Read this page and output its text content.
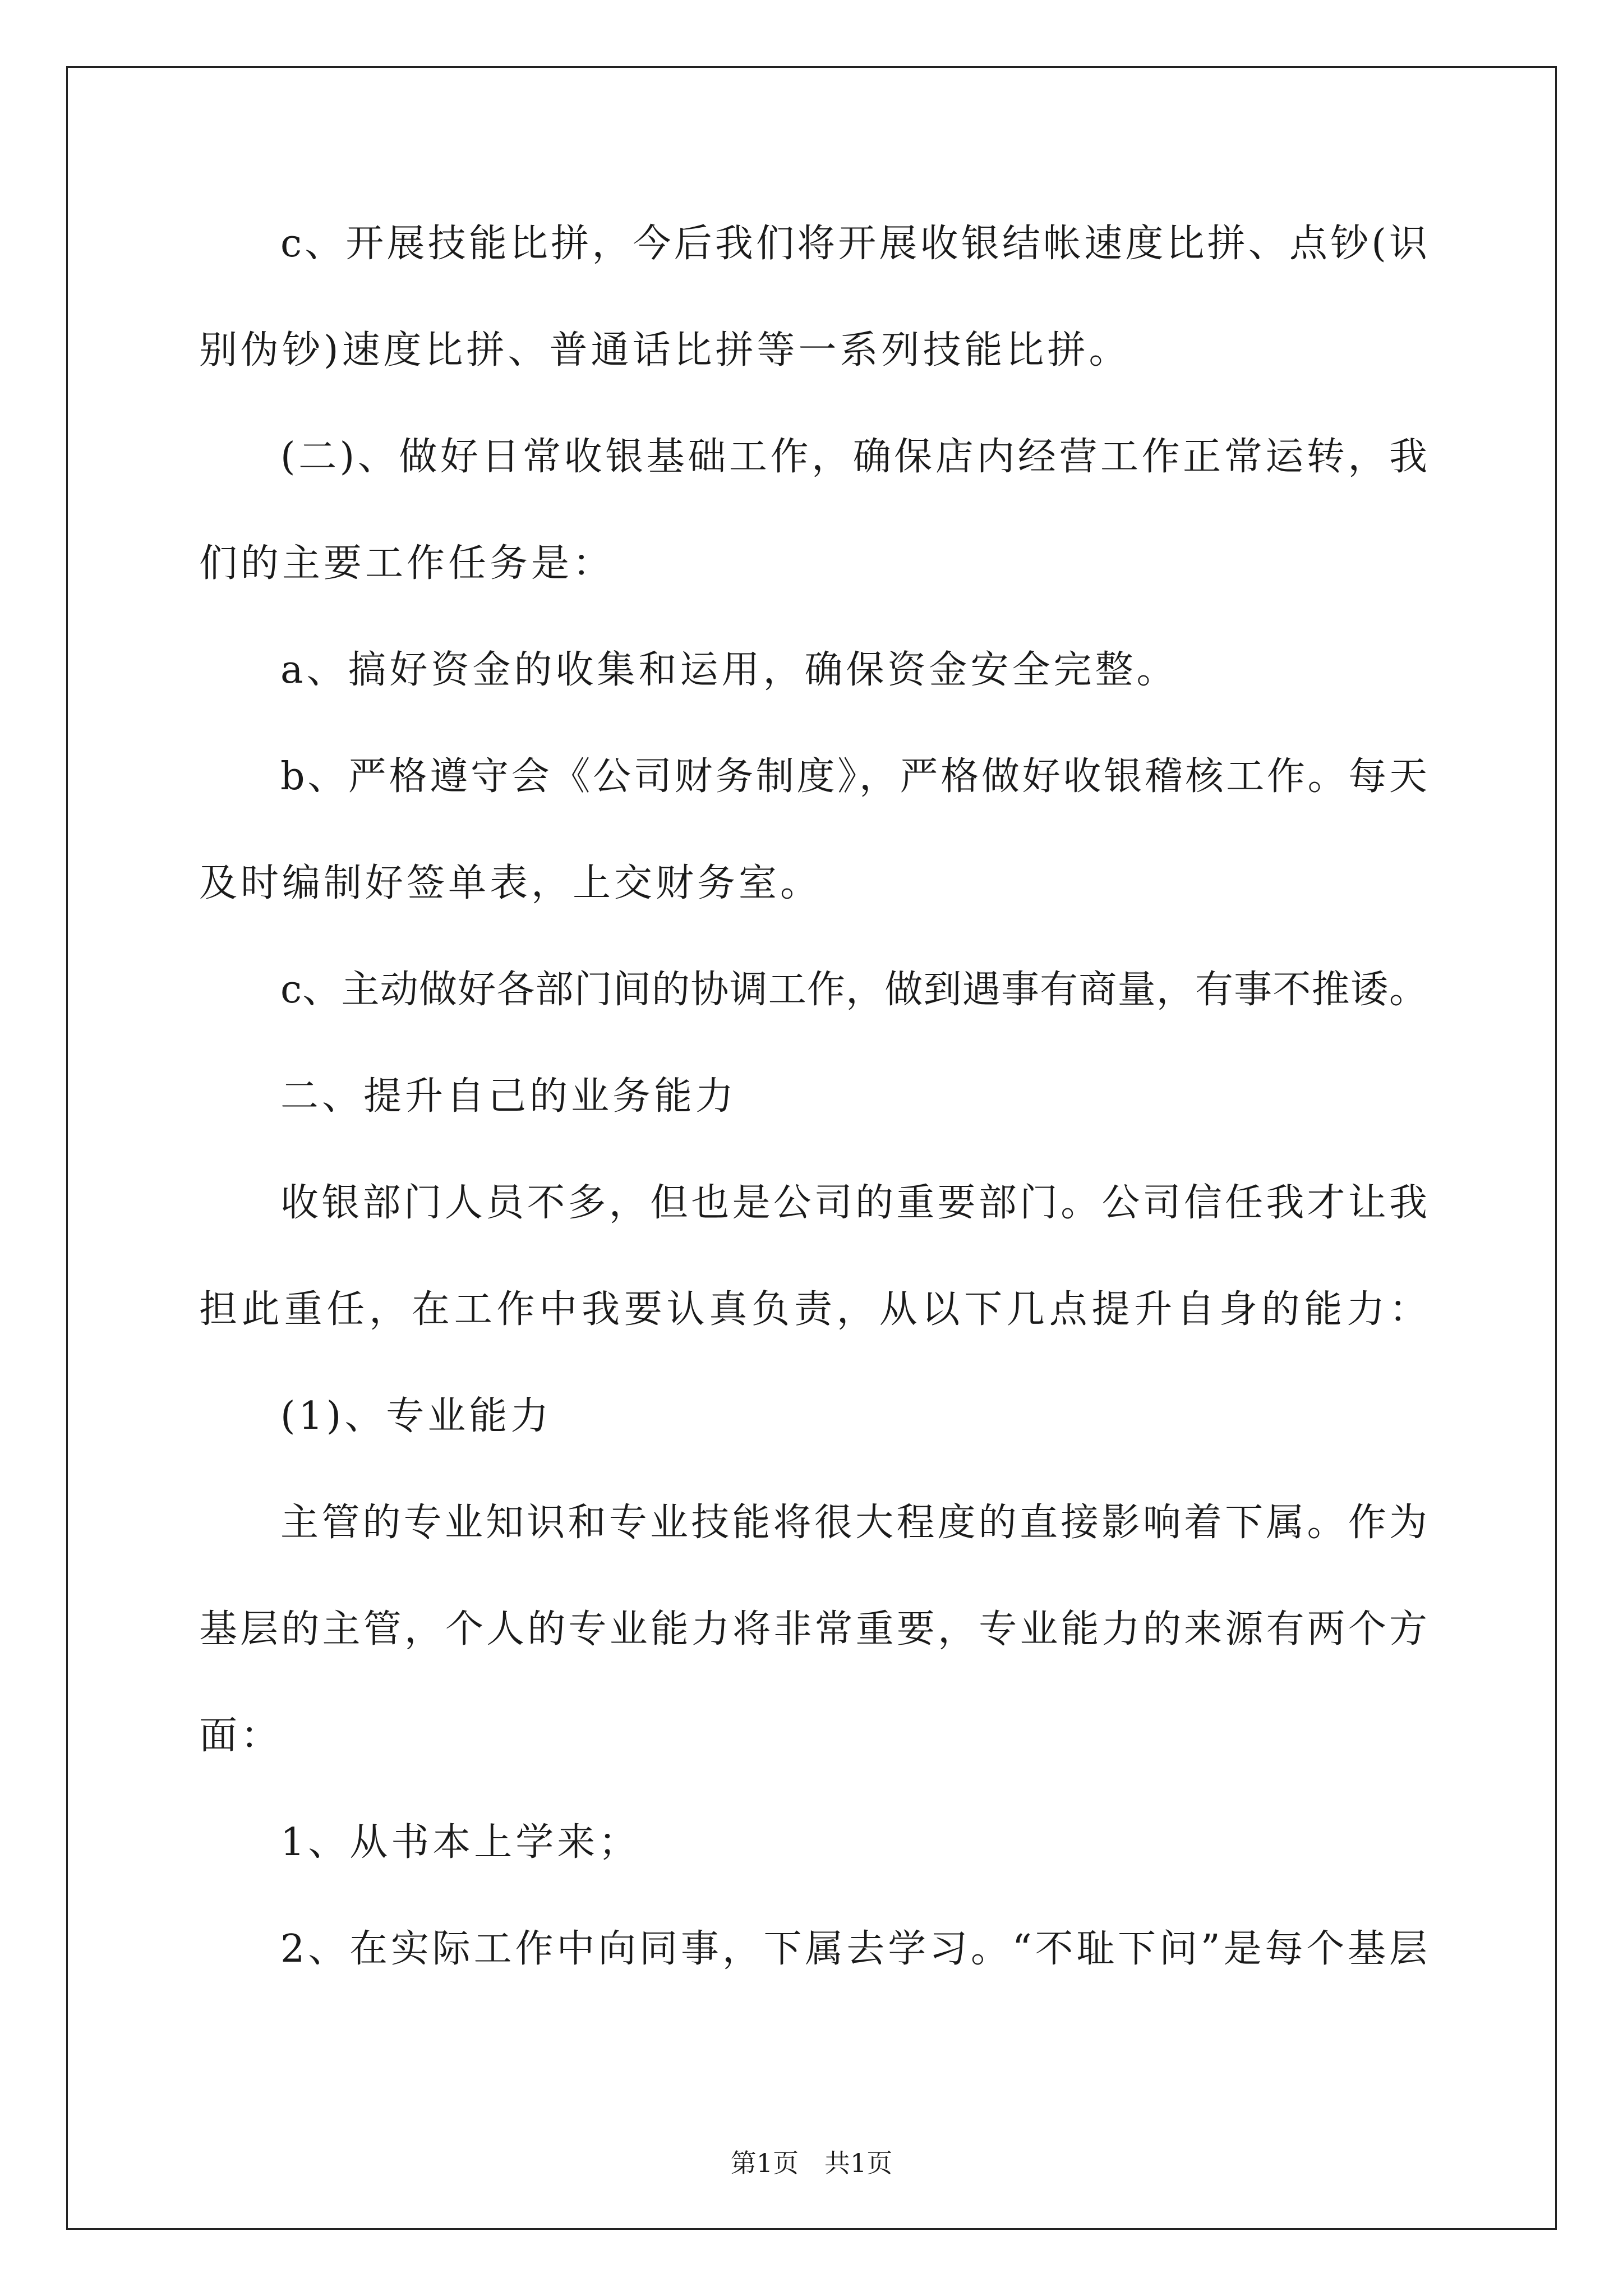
c、开展技能比拼，今后我们将开展收银结帐速度比拼、点钞(识
别伪钞)速度比拼、普通话比拼等一系列技能比拼。
(二)、做好日常收银基础工作，确保店内经营工作正常运转，我
们的主要工作任务是：
a、搞好资金的收集和运用，确保资金安全完整。
b、严格遵守会《公司财务制度》，严格做好收银稽核工作。每天
及时编制好签单表，上交财务室。
c、主动做好各部门间的协调工作，做到遇事有商量，有事不推诿。
二、提升自己的业务能力
收银部门人员不多，但也是公司的重要部门。公司信任我才让我
担此重任，在工作中我要认真负责，从以下几点提升自身的能力：
(1)、专业能力
主管的专业知识和专业技能将很大程度的直接影响着下属。作为
基层的主管，个人的专业能力将非常重要，专业能力的来源有两个方
面：
1、从书本上学来；
2、在实际工作中向同事，下属去学习。“不耻下问”是每个基层
第1页　共1页
